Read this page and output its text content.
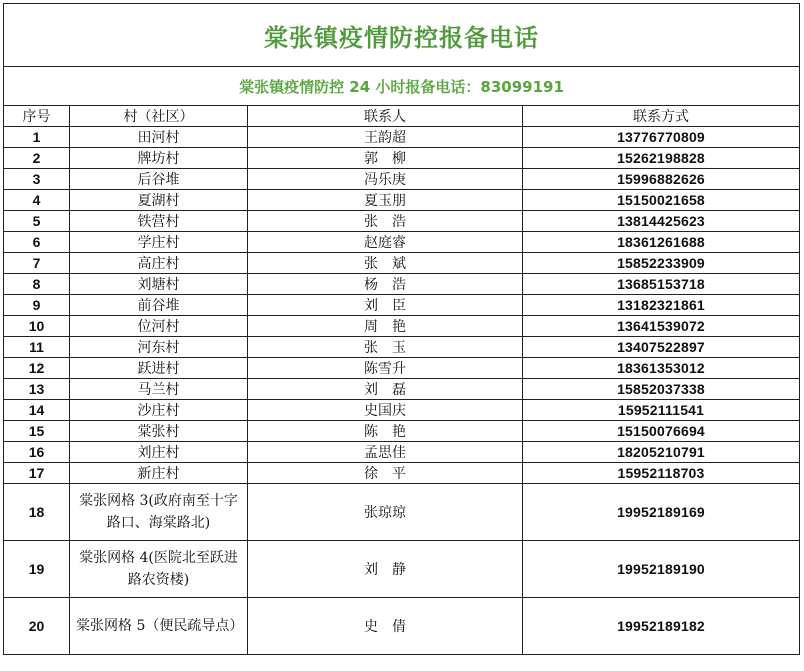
棠张镇疫情防控报备电话			
棠张镇疫情防控 24 小时报备电话：83099191			
序号	村（社区）	联系人	联系方式
1	田河村	王韵超	13776770809
2	牌坊村	郭　柳	15262198828
3	后谷堆	冯乐庚	15996882626
4	夏湖村	夏玉朋	15150021658
5	铁营村	张　浩	13814425623
6	学庄村	赵庭睿	18361261688
7	高庄村	张　斌	15852233909
8	刘塘村	杨　浩	13685153718
9	前谷堆	刘　臣	13182321861
10	位河村	周　艳	13641539072
11	河东村	张　玉	13407522897
12	跃进村	陈雪升	18361353012
13	马兰村	刘　磊	15852037338
14	沙庄村	史国庆	15952111541
15	棠张村	陈　艳	15150076694
16	刘庄村	孟思佳	18205210791
17	新庄村	徐　平	15952118703
18	棠张网格 3(政府南至十字路口、海棠路北)	张琼琼	19952189169
19	棠张网格 4(医院北至跃进路农资楼)	刘　静	19952189190
20	棠张网格 5（便民疏导点）	史　倩	19952189182
